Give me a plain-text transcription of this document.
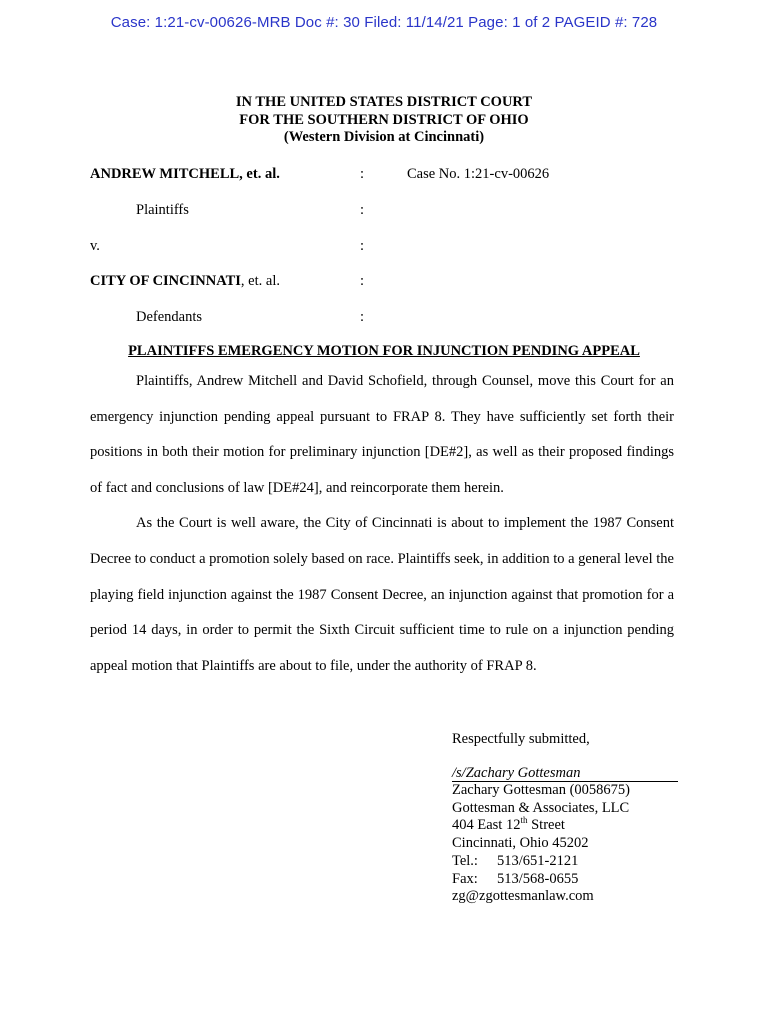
Case: 1:21-cv-00626-MRB Doc #: 30 Filed: 11/14/21 Page: 1 of 2 PAGEID #: 728
IN THE UNITED STATES DISTRICT COURT
FOR THE SOUTHERN DISTRICT OF OHIO
(Western Division at Cincinnati)
ANDREW MITCHELL, et. al.	:	Case No. 1:21-cv-00626
Plaintiffs	:
v.	:
CITY OF CINCINNATI, et. al.	:
Defendants	:
PLAINTIFFS EMERGENCY MOTION FOR INJUNCTION PENDING APPEAL

Plaintiffs, Andrew Mitchell and David Schofield, through Counsel, move this Court for an emergency injunction pending appeal pursuant to FRAP 8. They have sufficiently set forth their positions in both their motion for preliminary injunction [DE#2], as well as their proposed findings of fact and conclusions of law [DE#24], and reincorporate them herein.

As the Court is well aware, the City of Cincinnati is about to implement the 1987 Consent Decree to conduct a promotion solely based on race. Plaintiffs seek, in addition to a general level the playing field injunction against the 1987 Consent Decree, an injunction against that promotion for a period 14 days, in order to permit the Sixth Circuit sufficient time to rule on a injunction pending appeal motion that Plaintiffs are about to file, under the authority of FRAP 8.

Respectfully submitted,
/s/Zachary Gottesman
Zachary Gottesman (0058675)
Gottesman & Associates, LLC
404 East 12th Street
Cincinnati, Ohio 45202
Tel.: 513/651-2121
Fax: 513/568-0655
zg@zgottesmanlaw.com
